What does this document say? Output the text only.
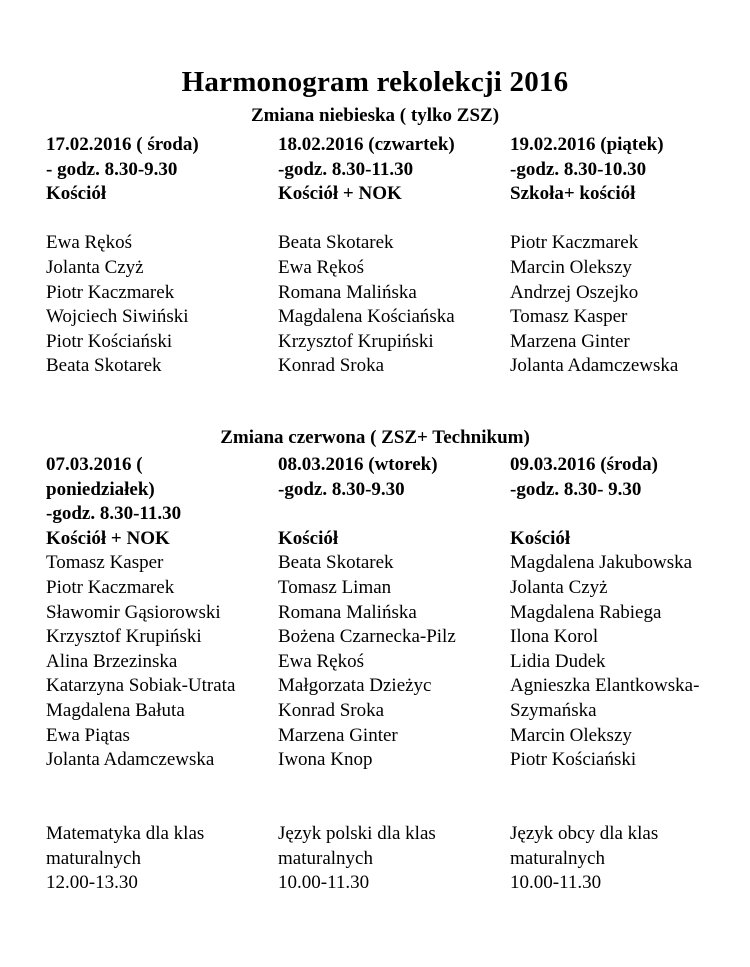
Harmonogram rekolekcji 2016
Zmiana niebieska ( tylko ZSZ)
17.02.2016 ( środa)
- godz. 8.30-9.30
Kościół
Ewa Rękoś
Jolanta Czyż
Piotr Kaczmarek
Wojciech Siwiński
Piotr Kościański
Beata Skotarek
18.02.2016 (czwartek)
-godz. 8.30-11.30
Kościół + NOK
Beata Skotarek
Ewa Rękoś
Romana Malińska
Magdalena Kościańska
Krzysztof Krupiński
Konrad Sroka
19.02.2016 (piątek)
-godz. 8.30-10.30
Szkoła+ kościół
Piotr Kaczmarek
Marcin Olekszy
Andrzej Oszejko
Tomasz Kasper
Marzena Ginter
Jolanta Adamczewska
Zmiana czerwona ( ZSZ+ Technikum)
07.03.2016 (
poniedziałek)
-godz. 8.30-11.30
Kościół + NOK
Tomasz Kasper
Piotr Kaczmarek
Sławomir Gąsiorowski
Krzysztof Krupiński
Alina Brzezinska
Katarzyna Sobiak-Utrata
Magdalena Bałuta
Ewa Piątas
Jolanta Adamczewska
Matematyka dla klas
maturalnych
12.00-13.30
08.03.2016 (wtorek)
-godz. 8.30-9.30
Kościół
Beata Skotarek
Tomasz Liman
Romana Malińska
Bożena Czarnecka-Pilz
Ewa Rękoś
Małgorzata Dzieżyc
Konrad Sroka
Marzena Ginter
Iwona Knop
Język polski dla klas
maturalnych
10.00-11.30
09.03.2016 (środa)
-godz. 8.30- 9.30
Kościół
Magdalena Jakubowska
Jolanta Czyż
Magdalena Rabiega
Ilona Korol
Lidia Dudek
Agnieszka Elantkowska-
Szymańska
Marcin Olekszy
Piotr Kościański
Język obcy dla klas
maturalnych
10.00-11.30
